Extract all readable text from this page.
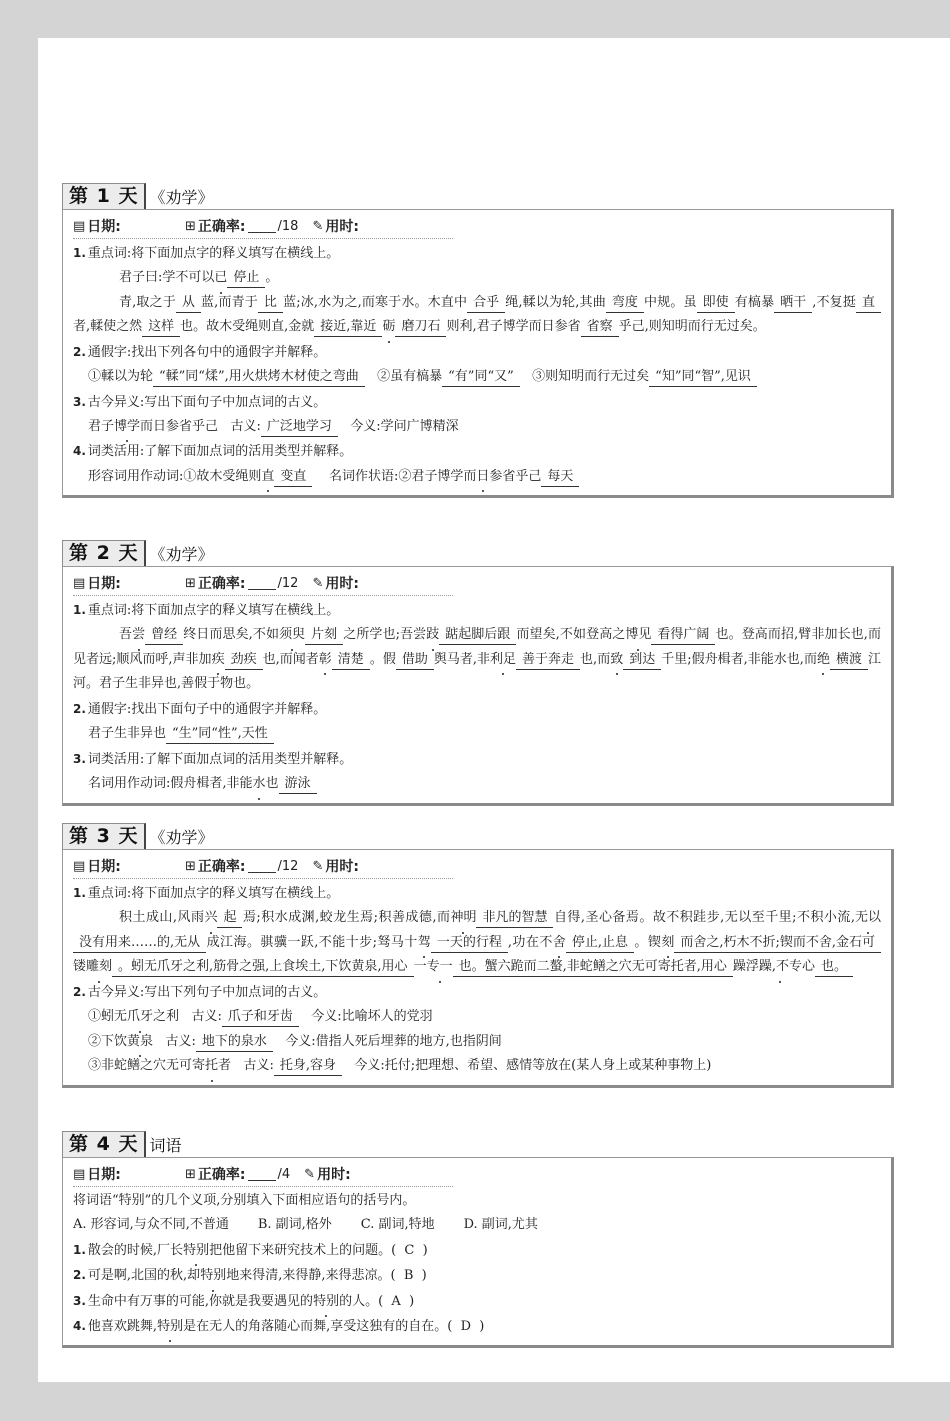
第 1 天 《劝学》
▤ 日期:	⊞ 正确率: /18 ✎ 用时:
1. 重点词:将下面加点字的释义填写在横线上。
君子曰:学不可以已 停止 。
青,取之于 从 蓝,而青于 比 蓝;冰,水为之,而寒于水。木直中 合乎 绳,輮以为轮,其曲 弯度 中规。虽 即使 有槁暴 晒干 ,不复挺 直者,輮使之然 这样 也。故木受绳则直,金就 接近,靠近 砺 磨刀石 则利,君子博学而日参省 省察 乎己,则知明而行无过矣。
2. 通假字:找出下列各句中的通假字并解释。
①輮以为轮 “輮”同“煣”,用火烘烤木材使之弯曲 ②虽有槁暴 “有”同“又” ③则知明而行无过矣 “知”同“智”,见识
3. 古今异义:写出下面句子中加点词的古义。
君子博学而日参省乎己 古义: 广泛地学习 今义:学问广博精深
4. 词类活用:了解下面加点词的活用类型并解释。
形容词用作动词:①故木受绳则直 变直 名词作状语:②君子博学而日参省乎己 每天
第 2 天 《劝学》
▤ 日期:	⊞ 正确率: /12 ✎ 用时:
1. 重点词:将下面加点字的释义填写在横线上。
吾尝 曾经 终日而思矣,不如须臾 片刻 之所学也;吾尝跂 踮起脚后跟 而望矣,不如登高之博见 看得广阔 也。登高而招,臂非加长也,而见者远;顺风而呼,声非加疾 劲疾 也,而闻者彰 清楚 。假 借助 舆马者,非利足 善于奔走 也,而致 到达 千里;假舟楫者,非能水也,而绝 横渡 江河。君子生非异也,善假于物也。
2. 通假字:找出下面句子中的通假字并解释。
君子生非异也 “生”同“性”,天性
3. 词类活用:了解下面加点词的活用类型并解释。
名词用作动词:假舟楫者,非能水也 游泳
第 3 天 《劝学》
▤ 日期:	⊞ 正确率: /12 ✎ 用时:
1. 重点词:将下面加点字的释义填写在横线上。
积土成山,风雨兴 起 焉;积水成渊,蛟龙生焉;积善成德,而神明 非凡的智慧 自得,圣心备焉。故不积跬步,无以至千里;不积小流,无以没有用来……的,无从 成江海。骐骥一跃,不能十步;驽马十驾 一天的行程 ,功在不舍 停止,止息 。锲刻 而舍之,朽木不折;锲而不舍,金石可镂雕刻 。蚓无爪牙之利,筋骨之强,上食埃土,下饮黄泉,用心 一专一 也。蟹六跪而二螯,非蛇鳝之穴无可寄托者,用心 躁浮躁,不专心 也。
2. 古今异义:写出下列句子中加点词的古义。
①蚓无爪牙之利 古义: 爪子和牙齿 今义:比喻坏人的党羽
②下饮黄泉 古义: 地下的泉水 今义:借指人死后埋葬的地方,也指阴间
③非蛇鳝之穴无可寄托者 古义: 托身,容身 今义:托付;把理想、希望、感情等放在(某人身上或某种事物上)
第 4 天 词语
▤ 日期:	⊞ 正确率: /4 ✎ 用时:
将词语“特别”的几个义项,分别填入下面相应语句的括号内。
A. 形容词,与众不同,不普通 B. 副词,格外 C. 副词,特地 D. 副词,尤其
1. 散会的时候,厂长特别把他留下来研究技术上的问题。( C )
2. 可是啊,北国的秋,却特别地来得清,来得静,来得悲凉。( B )
3. 生命中有万事的可能,你就是我要遇见的特别的人。( A )
4. 他喜欢跳舞,特别是在无人的角落随心而舞,享受这独有的自在。( D )
